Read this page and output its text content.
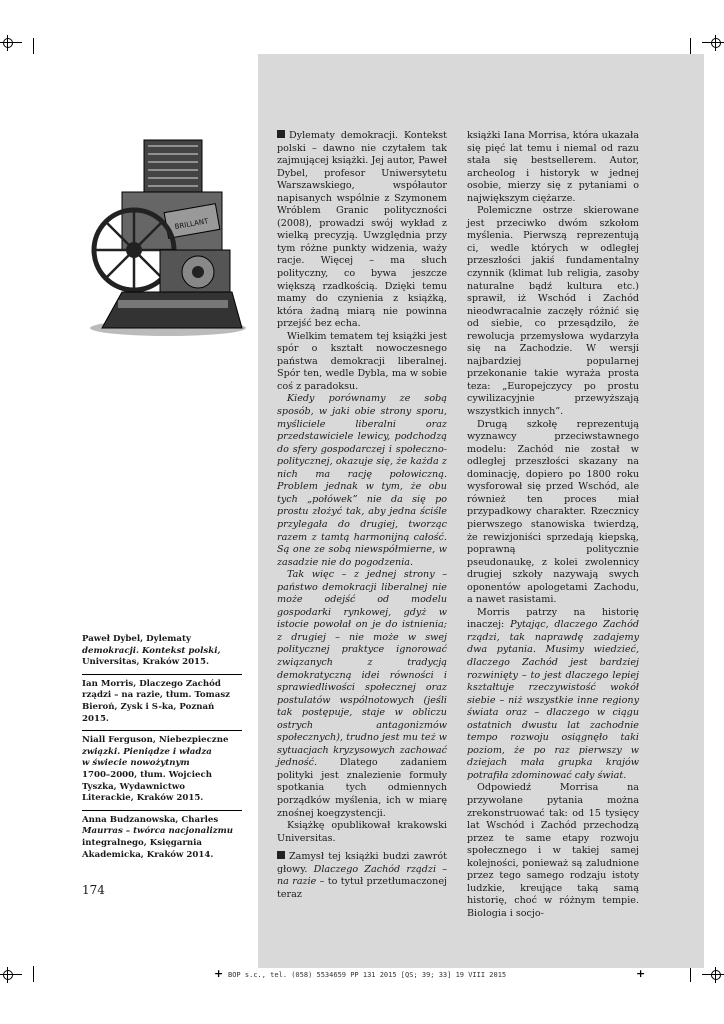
BRILLANT
Paweł Dybel, Dylematy
demokracji. Kontekst polski,
Universitas, Kraków 2015.
Ian Morris, Dlaczego Zachód
rządzi – na razie, tłum. Tomasz
Bieroń, Zysk i S-ka, Poznań 2015.
Niall Ferguson, Niebezpieczne
związki. Pieniądze i władza
w świecie nowożytnym
1700–2000, tłum. Wojciech
Tyszka, Wydawnictwo
Literackie, Kraków 2015.
Anna Budzanowska, Charles
Maurras – twórca nacjonalizmu
integralnego, Księgarnia
Akademicka, Kraków 2014.
174

Dylematy demokracji. Kontekst polski – dawno nie czytałem tak zajmującej książki. Jej autor, Paweł Dybel, profesor Uniwersytetu Warszawskiego, współautor napisanych wspólnie z Szymonem Wróblem Granic polityczności (2008), prowadzi swój wykład z wielką precyzją. Uwzględnia przy tym różne punkty widzenia, waży racje. Więcej – ma słuch polityczny, co bywa jeszcze większą rzadkością. Dzięki temu mamy do czynienia z książką, która żadną miarą nie powinna przejść bez echa.

Wielkim tematem tej książki jest spór o kształt nowoczesnego państwa demokracji liberalnej. Spór ten, wedle Dybla, ma w sobie coś z paradoksu.

Kiedy porównamy ze sobą sposób, w jaki obie strony sporu, myśliciele liberalni oraz przedstawiciele lewicy, podchodzą do sfery gospodarczej i społeczno-politycznej, okazuje się, że każda z nich ma rację połowiczną. Problem jednak w tym, że obu tych „połówek” nie da się po prostu złożyć tak, aby jedna ściśle przylegała do drugiej, tworząc razem z tamtą harmonijną całość. Są one ze sobą niewspółmierne, w zasadzie nie do pogodzenia.

Tak więc – z jednej strony – państwo demokracji liberalnej nie może odejść od modelu gospodarki rynkowej, gdyż w istocie powołał on je do istnienia; z drugiej – nie może w swej politycznej praktyce ignorować związanych z tradycją demokratyczną idei równości i sprawiedliwości społecznej oraz postulatów wspólnotowych (jeśli tak postępuje, staje w obliczu ostrych antagonizmów społecznych), trudno jest mu też w sytuacjach kryzysowych zachować jedność. Dlatego zadaniem polityki jest znalezienie formuły spotkania tych odmiennych porządków myślenia, ich w miarę znośnej koegzystencji.

Książkę opublikował krakowski Universitas.

Zamysł tej książki budzi zawrót głowy. Dlaczego Zachód rządzi – na razie – to tytuł przetłumaczonej teraz

książki Iana Morrisa, która ukazała się pięć lat temu i niemal od razu stała się bestsellerem. Autor, archeolog i historyk w jednej osobie, mierzy się z pytaniami o największym ciężarze.

Polemiczne ostrze skierowane jest przeciwko dwóm szkołom myślenia. Pierwszą reprezentują ci, wedle których w odległej przeszłości jakiś fundamentalny czynnik (klimat lub religia, zasoby naturalne bądź kultura etc.) sprawił, iż Wschód i Zachód nieodwracalnie zaczęły różnić się od siebie, co przesądziło, że rewolucja przemysłowa wydarzyła się na Zachodzie. W wersji najbardziej popularnej przekonanie takie wyraża prosta teza: „Europejczycy po prostu cywilizacyjnie przewyższają wszystkich innych”.

Drugą szkołę reprezentują wyznawcy przeciwstawnego modelu: Zachód nie został w odległej przeszłości skazany na dominację, dopiero po 1800 roku wysforował się przed Wschód, ale również ten proces miał przypadkowy charakter. Rzecznicy pierwszego stanowiska twierdzą, że rewizjoniści sprzedają kiepską, poprawną politycznie pseudonaukę, z kolei zwolennicy drugiej szkoły nazywają swych oponentów apologetami Zachodu, a nawet rasistami.

Morris patrzy na historię inaczej: Pytając, dlaczego Zachód rządzi, tak naprawdę zadajemy dwa pytania. Musimy wiedzieć, dlaczego Zachód jest bardziej rozwinięty – to jest dlaczego lepiej kształtuje rzeczywistość wokół siebie – niż wszystkie inne regiony świata oraz – dlaczego w ciągu ostatnich dwustu lat zachodnie tempo rozwoju osiągnęło taki poziom, że po raz pierwszy w dziejach mała grupka krajów potrafiła zdominować cały świat.

Odpowiedź Morrisa na przywołane pytania można zrekonstruować tak: od 15 tysięcy lat Wschód i Zachód przechodzą przez te same etapy rozwoju społecznego i w takiej samej kolejności, ponieważ są zaludnione przez tego samego rodzaju istoty ludzkie, kreujące taką samą historię, choć w różnym tempie. Biologia i socjo-

+ BOP s.c., tel. (058) 5534659 PP 131 2015 [QS; 39; 33] 19 VIII 2015	+
